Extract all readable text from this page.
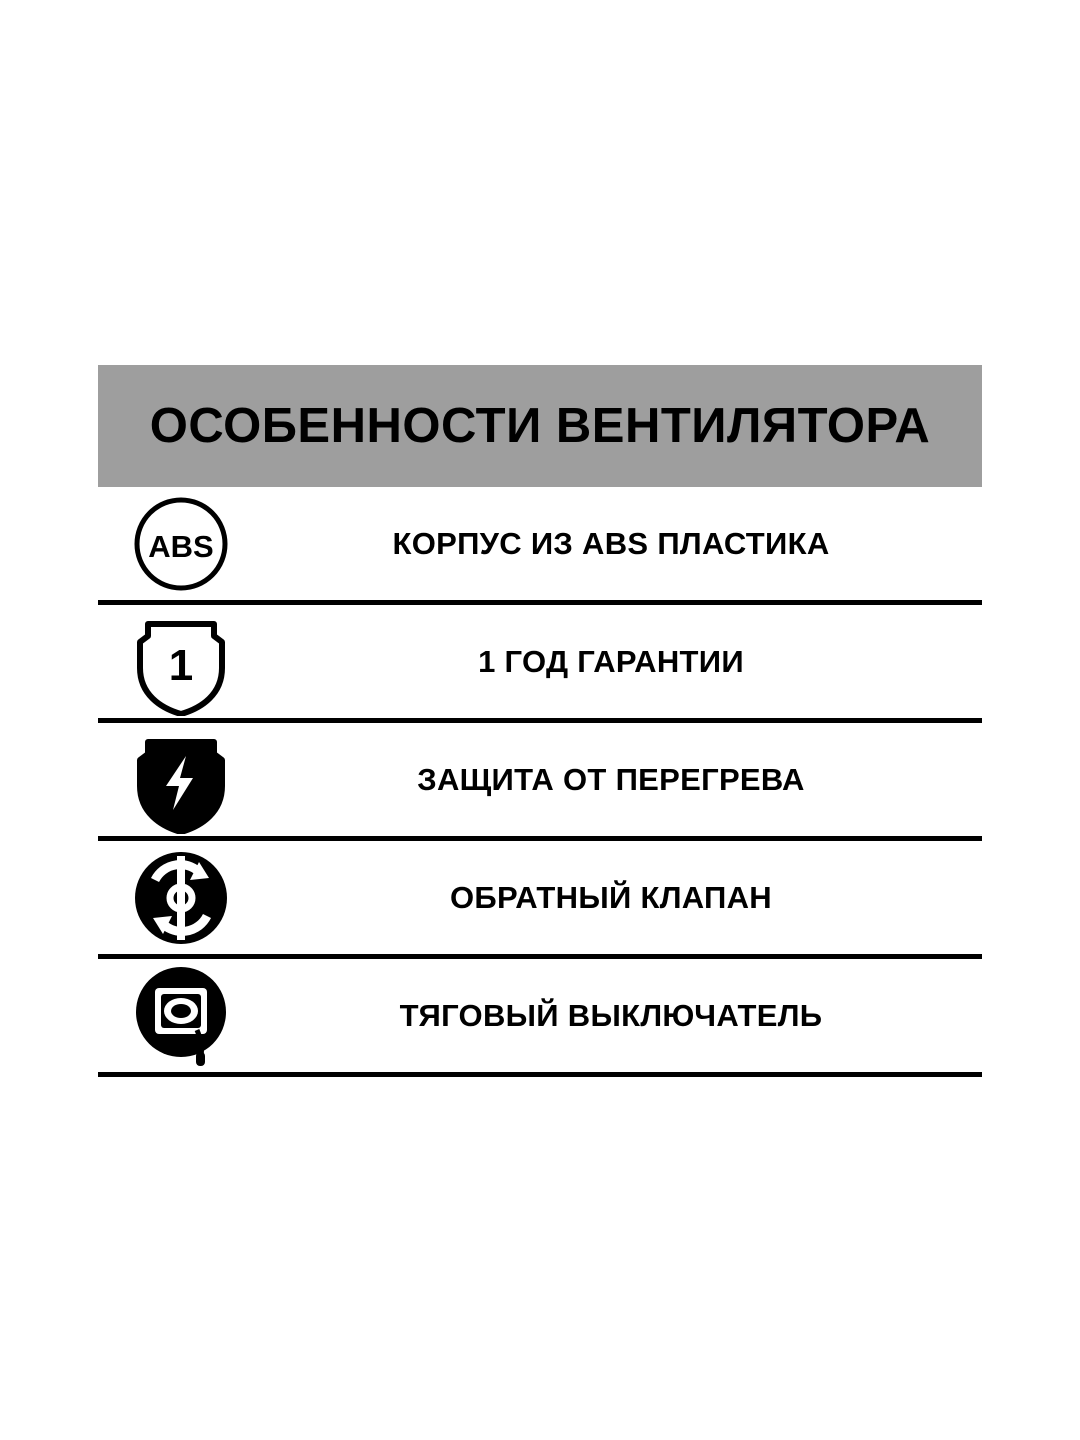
ОСОБЕННОСТИ ВЕНТИЛЯТОРА
ABS	КОРПУС ИЗ ABS ПЛАСТИКА
1	1 ГОД ГАРАНТИИ
ЗАЩИТА ОТ ПЕРЕГРЕВА
ОБРАТНЫЙ КЛАПАН
ТЯГОВЫЙ ВЫКЛЮЧАТЕЛЬ
